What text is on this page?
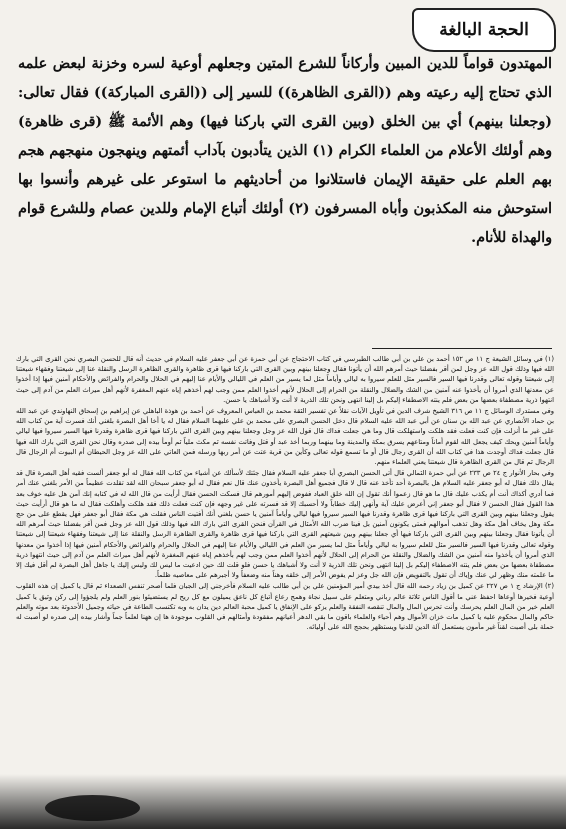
الحجة البالغة

المهتدون قواماً للدين المبين وأركاناً للشرع المتين وجعلهم أوعية لسره وخزنة لبعض علمه الذي تحتاج إليه رعيته وهم ((القرى الظاهرة)) للسير إلى ((القرى المباركة)) فقال تعالى: (وجعلنا بينهم) أي بين الخلق (وبين القرى التي باركنا فيها) وهم الأئمة ﷺ (قرى ظاهرة) وهم أولئك الأعلام من العلماء الكرام (١) الذين يتأدبون بآداب أئمتهم وينهجون منهجهم هجم بهم العلم على حقيقة الإيمان فاستلانوا من أحاديثهم ما استوعر على غيرهم وأنسوا بها استوحش منه المكذبون وأباه المسرفون (٢) أولئك أتباع الإمام وللدين عصام وللشرع قوام والهداة للأنام.

(١) في وسائل الشيعة ج ١١ ص ١٥٢ أحمد بن علي بن أبي طالب الطبرسي في كتاب الاحتجاج عن أبي حمزة عن أبي جعفر عليه السلام في حديث أنه قال للحسن البصري نحن القرى التي بارك الله فيها وذلك قول الله عز وجل لمن أقر بفضلنا حيث أمرهم الله أن يأتونا فقال وجعلنا بينهم وبين القرى التي باركنا فيها قرى ظاهرة والقرى الظاهرة الرسل والنقلة عنا إلى شيعتنا وفقهاء شيعتنا إلى شيعتنا وقوله تعالى وقدرنا فيها السير فالسير مثل للعلم سيروا به ليالي وأياماً مثل لما يسير من العلم في الليالي والأيام عنا إليهم في الحلال والحرام والفرائض والأحكام آمنين فيها إذا أخذوا عن معدنها الذي أمروا أن يأخذوا عنه آمنين من الشك والضلال والنقلة من الحرام إلى الحلال لأنهم أخذوا العلم ممن وجب لهم أخذهم إياه عنهم المغفرة لأنهم أهل ميراث العلم من آدم إلى حيث انتهوا ذرية مصطفاة بعضها من بعض فلم ينته الاصطفاء إليكم بل إلينا انتهى ونحن تلك الذرية لا أنت ولا أشباهك يا حسن.

وفي مستدرك الوسائل ج ١١ ص ٣١٦ الشيخ شرف الدين في تأويل الآيات نقلاً عن تفسير الثقة محمد بن العباس المعروف عن أحمد بن هوذة الباهلي عن إبراهيم بن إسحاق النهاوندي عن عبد الله بن حماد الأنصاري عن عبد الله بن سنان عن أبي عبد الله عليه السلام قال دخل الحسن البصري على محمد بن علي عليهما السلام فقال له يا أخا أهل البصرة بلغني أنك فسرت آية من كتاب الله على غير ما أنزلت فإن كنت فعلت فقد هلكت واستهلكت قال وما هي جعلت فداك قال قول الله عز وجل وجعلنا بينهم وبين القرى التي باركنا فيها قرى ظاهرة وقدرنا فيها السير سيروا فيها ليالي وأياماً آمنين ويحك كيف يجعل الله لقوم أماناً ومتاعهم يسرق بمكة والمدينة وما بينهما وربما أخذ عبد أو قتل وفاتت نفسه ثم مكث ملياً ثم أومأ بيده إلى صدره وقال نحن القرى التي بارك الله فيها قال جعلت فداك أوجدت هذا في كتاب الله أن القرى رجال قال أو ما تسمع قوله تعالى وكأين من قرية عتت عن أمر ربها ورسله فمن العاتي على الله عز وجل الحيطان أم البيوت أم الرجال قال الرجال ثم قال من القرى الظاهرة قال شيعتنا يعني العلماء منهم.

وفي بحار الأنوار ج ٢٤ ص ٢٣٣ عن أبي حمزة الثمالي قال أتى الحسن البصري أبا جعفر عليه السلام فقال جئتك لأسألك عن أشياء من كتاب الله فقال له أبو جعفر ألست فقيه أهل البصرة قال قد يقال ذلك فقال له أبو جعفر عليه السلام هل بالبصرة أحد تأخذ عنه قال لا قال فجميع أهل البصرة يأخذون عنك قال نعم فقال له أبو جعفر سبحان الله لقد تقلدت عظيماً من الأمر بلغني عنك أمر فما أدري أكذاك أنت أم يكذب عليك قال ما هو قال زعموا أنك تقول إن الله خلق العباد ففوض إليهم أمورهم قال فسكت الحسن فقال أرأيت من قال الله له في كتابه إنك آمن هل عليه خوف بعد هذا القول فقال الحسن لا فقال أبو جعفر إني أعرض عليك آية وأنهي إليك خطاباً ولا أحسبك إلا قد فسرته على غير وجهه فإن كنت فعلت ذلك فقد هلكت وأهلكت فقال له ما هو قال أرأيت حيث يقول وجعلنا بينهم وبين القرى التي باركنا فيها قرى ظاهرة وقدرنا فيها السير سيروا فيها ليالي وأياماً آمنين يا حسن بلغني أنك أفتيت الناس فقلت هي مكة فقال أبو جعفر فهل يقطع على من حج مكة وهل يخاف أهل مكة وهل تذهب أموالهم فمتى يكونون آمنين بل فينا ضرب الله الأمثال في القرآن فنحن القرى التي بارك الله فيها وذلك قول الله عز وجل فمن أقر بفضلنا حيث أمرهم الله أن يأتونا فقال وجعلنا بينهم وبين القرى التي باركنا فيها أي جعلنا بينهم وبين شيعتهم القرى التي باركنا فيها قرى ظاهرة والقرى الظاهرة الرسل والنقلة عنا إلى شيعتنا وفقهاء شيعتنا إلى شيعتنا وقوله تعالى وقدرنا فيها السير فالسير مثل للعلم سيروا به ليالي وأياماً مثل لما يسير من العلم في الليالي والأيام عنا إليهم في الحلال والحرام والفرائض والأحكام آمنين فيها إذا أخذوا من معدنها الذي أمروا أن يأخذوا منه آمنين من الشك والضلال والنقلة من الحرام إلى الحلال لأنهم أخذوا العلم ممن وجب لهم بأخذهم إياه عنهم المغفرة لأنهم أهل ميراث العلم من آدم إلى حيث انتهوا ذرية مصطفاة بعضها من بعض فلم ينته الاصطفاء إليكم بل إلينا انتهى ونحن تلك الذرية لا أنت ولا أشباهك يا حسن فلو قلت لك حين ادعيت ما ليس لك وليس إليك يا جاهل أهل البصرة لم أقل فيك إلا ما علمته منك وظهر لي عنك وإياك أن تقول بالتفويض فإن الله جل وعز لم يفوض الأمر إلى خلقه وهناً منه وضعفاً ولا أجبرهم على معاصيه ظلماً.

(٢) الإرشاد ج ١ ص ٢٢٧ عن كميل بن زياد رحمه الله قال أخذ بيدي أمير المؤمنين علي بن أبي طالب عليه السلام فأخرجني إلى الجبان فلما أصحر تنفس الصعداء ثم قال يا كميل إن هذه القلوب أوعية فخيرها أوعاها احفظ عني ما أقول الناس ثلاثة عالم رباني ومتعلم على سبيل نجاة وهمج رعاع أتباع كل ناعق يميلون مع كل ريح لم يستضيئوا بنور العلم ولم يلجؤوا إلى ركن وثيق يا كميل العلم خير من المال العلم يحرسك وأنت تحرس المال والمال تنقصه النفقة والعلم يزكو على الإنفاق يا كميل محبة العالم دين يدان به وبه تكتسب الطاعة في حياته وجميل الأحدوثة بعد موته والعلم حاكم والمال محكوم عليه يا كميل مات خزان الأموال وهم أحياء والعلماء باقون ما بقي الدهر أعيانهم مفقودة وأمثالهم في القلوب موجودة ها إن ههنا لعلماً جماً وأشار بيده إلى صدره لو أصبت له حملة بلى أصبت لقناً غير مأمون يستعمل آلة الدين للدنيا ويستظهر بحجج الله على أوليائه.
